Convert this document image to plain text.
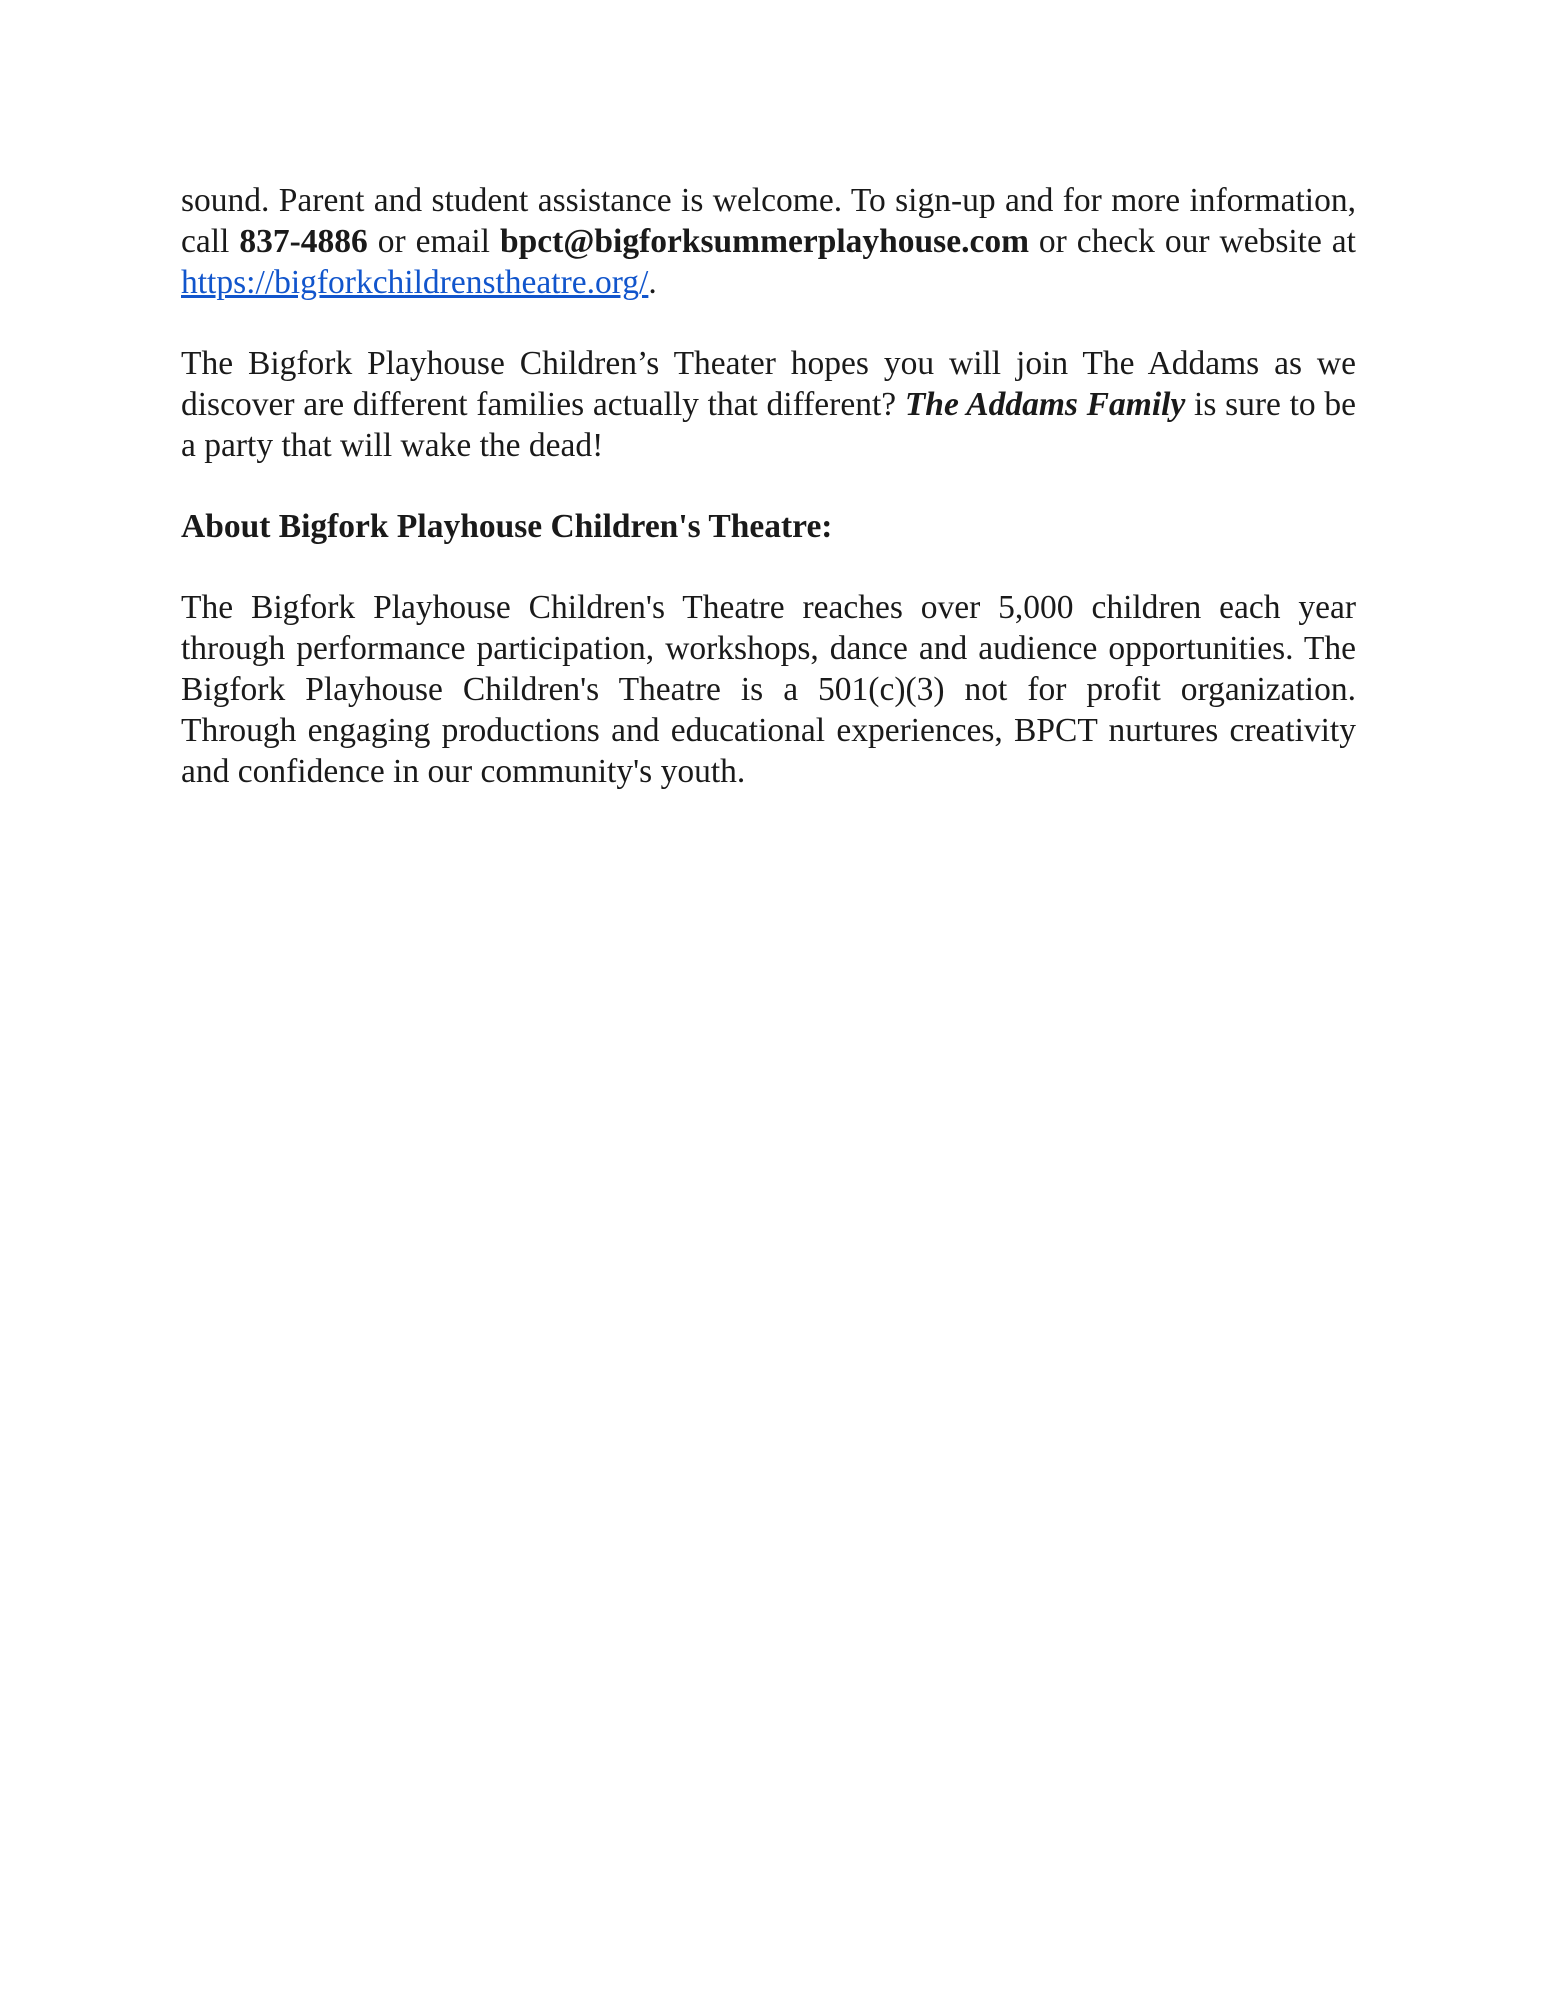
sound. Parent and student assistance is welcome. To sign-up and for more information, call 837-4886 or email bpct@bigforksummerplayhouse.com or check our website at https://bigforkchildrenstheatre.org/.

The Bigfork Playhouse Children’s Theater hopes you will join The Addams as we discover are different families actually that different? The Addams Family is sure to be a party that will wake the dead!

About Bigfork Playhouse Children's Theatre:

The Bigfork Playhouse Children's Theatre reaches over 5,000 children each year through performance participation, workshops, dance and audience opportunities. The Bigfork Playhouse Children's Theatre is a 501(c)(3) not for profit organization. Through engaging productions and educational experiences, BPCT nurtures creativity and confidence in our community's youth.
